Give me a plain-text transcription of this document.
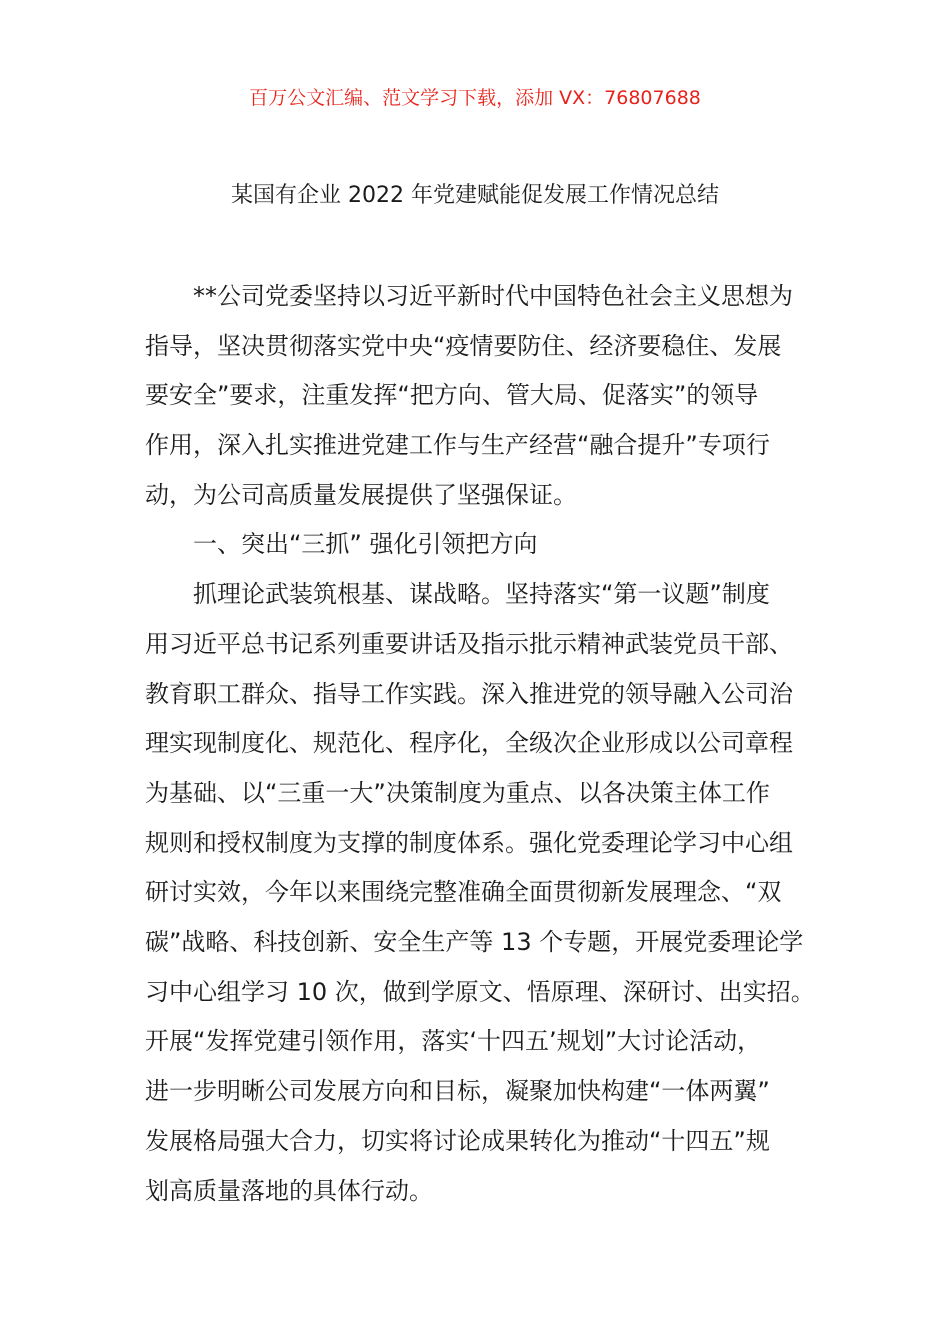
百万公文汇编、范文学习下载，添加 VX：76807688
某国有企业 2022 年党建赋能促发展工作情况总结
**公司党委坚持以习近平新时代中国特色社会主义思想为
指导，坚决贯彻落实党中央“疫情要防住、经济要稳住、发展
要安全”要求，注重发挥“把方向、管大局、促落实”的领导
作用，深入扎实推进党建工作与生产经营“融合提升”专项行
动，为公司高质量发展提供了坚强保证。
一、突出“三抓” 强化引领把方向
抓理论武装筑根基、谋战略。坚持落实“第一议题”制度
用习近平总书记系列重要讲话及指示批示精神武装党员干部、
教育职工群众、指导工作实践。深入推进党的领导融入公司治
理实现制度化、规范化、程序化，全级次企业形成以公司章程
为基础、以“三重一大”决策制度为重点、以各决策主体工作
规则和授权制度为支撑的制度体系。强化党委理论学习中心组
研讨实效，今年以来围绕完整准确全面贯彻新发展理念、“双
碳”战略、科技创新、安全生产等 13 个专题，开展党委理论学
习中心组学习 10 次，做到学原文、悟原理、深研讨、出实招。
开展“发挥党建引领作用，落实‘十四五’规划”大讨论活动，
进一步明晰公司发展方向和目标，凝聚加快构建“一体两翼”
发展格局强大合力，切实将讨论成果转化为推动“十四五”规
划高质量落地的具体行动。
